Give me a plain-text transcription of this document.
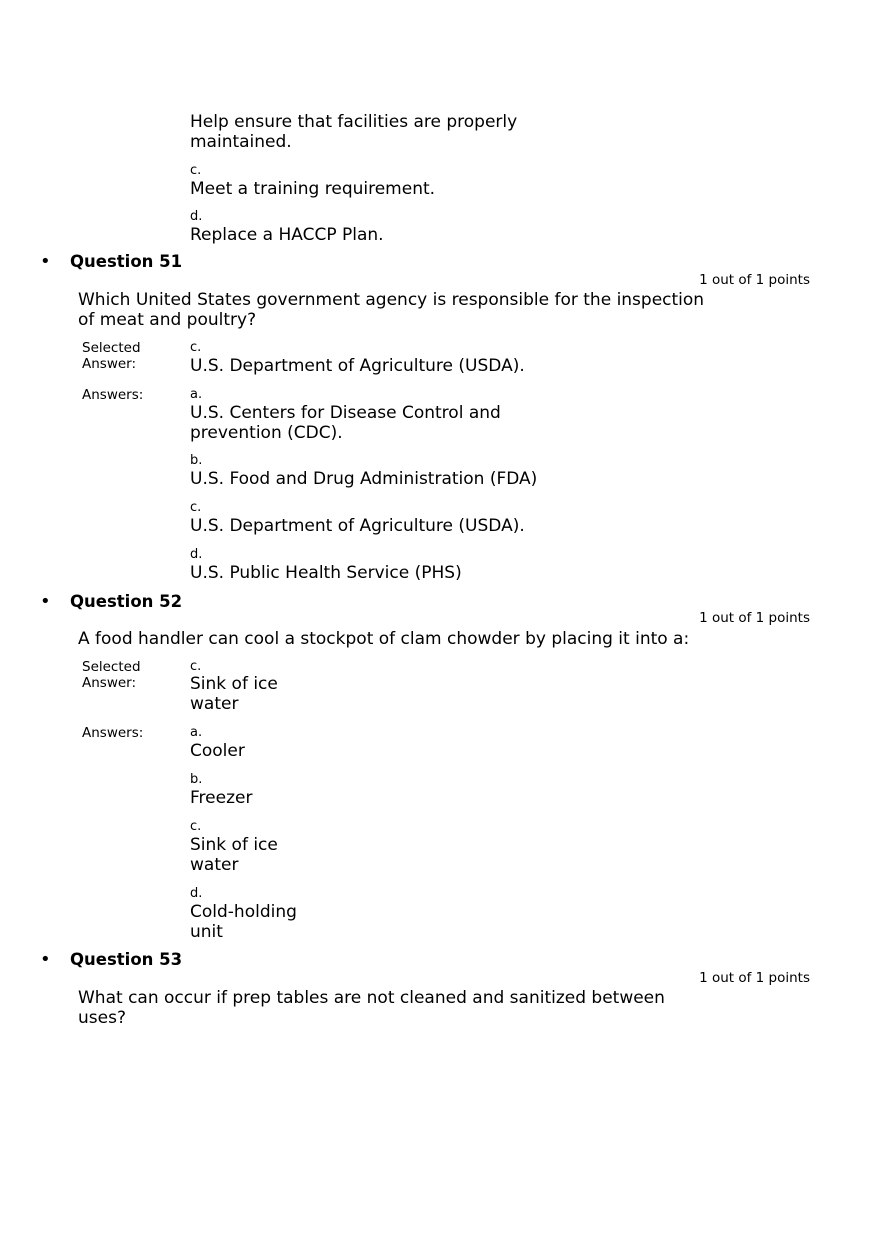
Help ensure that facilities are properly
maintained.
c.
Meet a training requirement.
d.
Replace a HACCP Plan.
• Question 51
1 out of 1 points
Which United States government agency is responsible for the inspection
of meat and poultry?
Selected
Answer:
c.
U.S. Department of Agriculture (USDA).
Answers:	a.
U.S. Centers for Disease Control and
prevention (CDC).
b.
U.S. Food and Drug Administration (FDA)
c.
U.S. Department of Agriculture (USDA).
d.
U.S. Public Health Service (PHS)
• Question 52
1 out of 1 points
A food handler can cool a stockpot of clam chowder by placing it into a:
Selected
Answer:
c.
Sink of ice
water
Answers:	a.
Cooler
b.
Freezer
c.
Sink of ice
water
d.
Cold-holding
unit
• Question 53
1 out of 1 points
What can occur if prep tables are not cleaned and sanitized between
uses?
